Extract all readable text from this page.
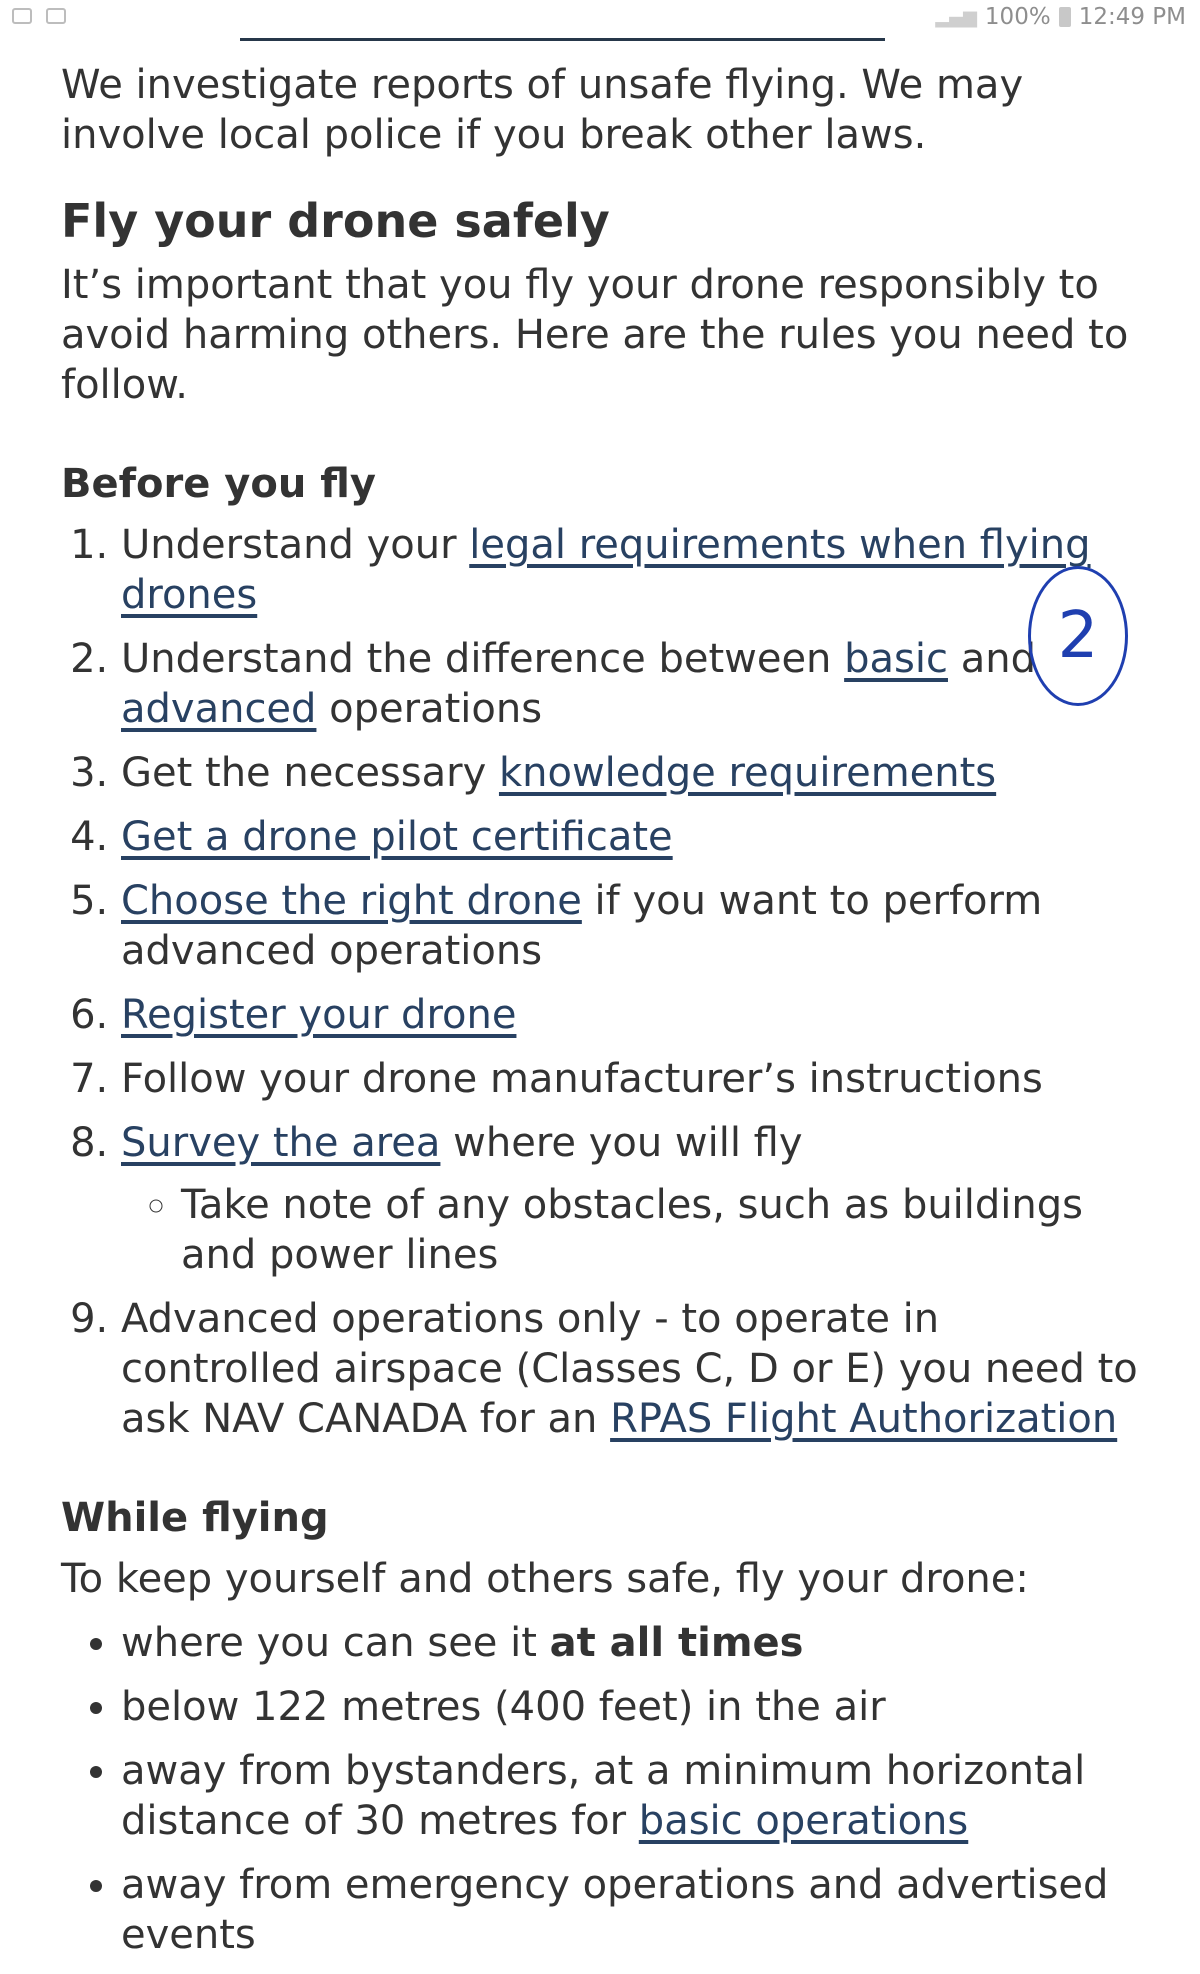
▂▄▆ 100% 12:49 PM

We investigate reports of unsafe flying. We may involve local police if you break other laws.

Fly your drone safely

It’s important that you fly your drone responsibly to avoid harming others. Here are the rules you need to follow.

Before you fly
1. Understand your legal requirements when flying drones
2. Understand the difference between basic and advanced operations
3. Get the necessary knowledge requirements
4. Get a drone pilot certificate
5. Choose the right drone if you want to perform advanced operations
6. Register your drone
7. Follow your drone manufacturer’s instructions
8. Survey the area where you will fly
◦ Take note of any obstacles, such as buildings and power lines
9. Advanced operations only - to operate in controlled airspace (Classes C, D or E) you need to ask NAV CANADA for an RPAS Flight Authorization
While flying

To keep yourself and others safe, fly your drone:

• where you can see it at all times
• below 122 metres (400 feet) in the air
• away from bystanders, at a minimum horizontal distance of 30 metres for basic operations
• away from emergency operations and advertised events
2
